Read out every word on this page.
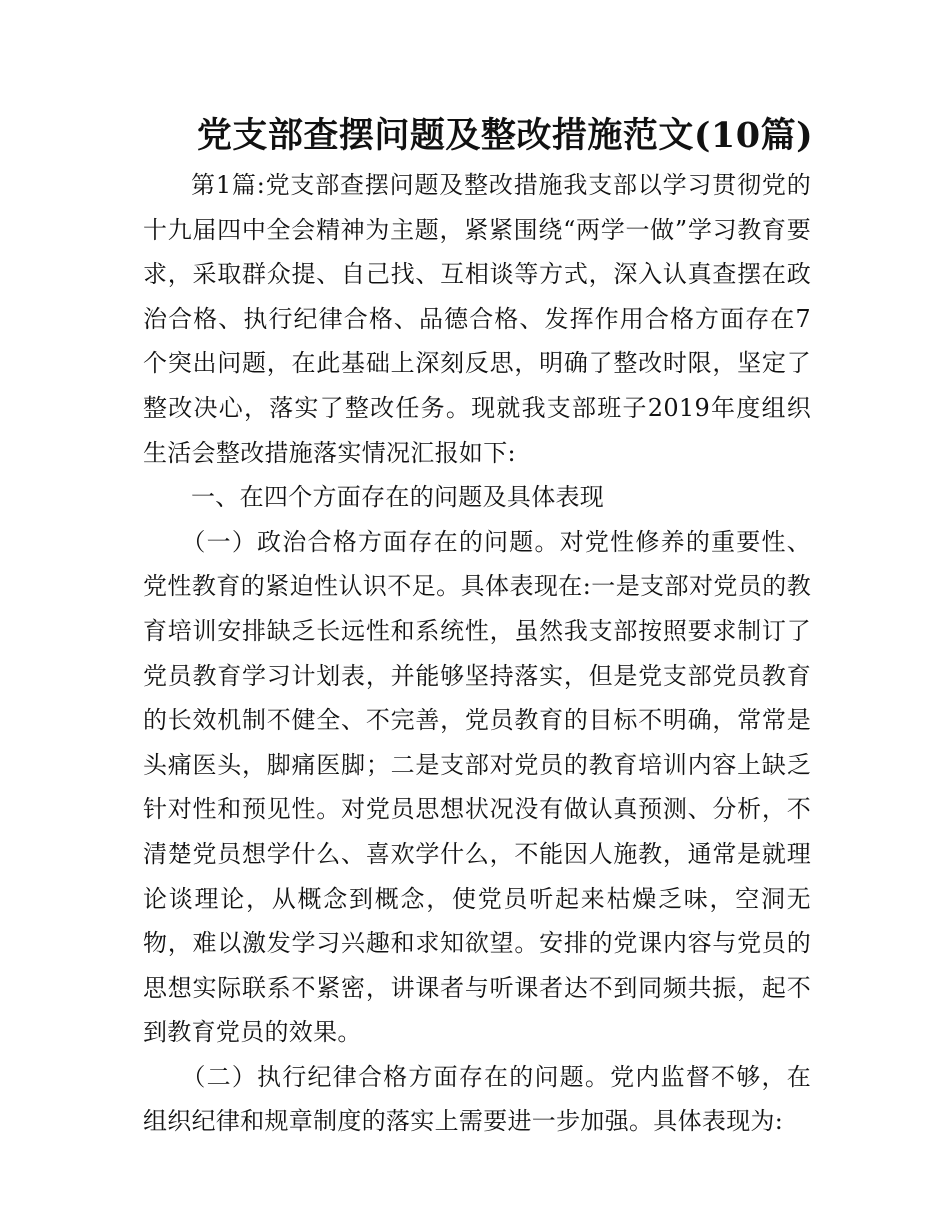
党支部查摆问题及整改措施范文(10篇)

第1篇:党支部查摆问题及整改措施我支部以学习贯彻党的十九届四中全会精神为主题，紧紧围绕“两学一做”学习教育要求，采取群众提、自己找、互相谈等方式，深入认真查摆在政治合格、执行纪律合格、品德合格、发挥作用合格方面存在7个突出问题，在此基础上深刻反思，明确了整改时限，坚定了整改决心，落实了整改任务。现就我支部班子2019年度组织生活会整改措施落实情况汇报如下:

一、在四个方面存在的问题及具体表现

（一）政治合格方面存在的问题。对党性修养的重要性、党性教育的紧迫性认识不足。具体表现在:一是支部对党员的教育培训安排缺乏长远性和系统性，虽然我支部按照要求制订了党员教育学习计划表，并能够坚持落实，但是党支部党员教育的长效机制不健全、不完善，党员教育的目标不明确，常常是头痛医头，脚痛医脚；二是支部对党员的教育培训内容上缺乏针对性和预见性。对党员思想状况没有做认真预测、分析，不清楚党员想学什么、喜欢学什么，不能因人施教，通常是就理论谈理论，从概念到概念，使党员听起来枯燥乏味，空洞无物，难以激发学习兴趣和求知欲望。安排的党课内容与党员的思想实际联系不紧密，讲课者与听课者达不到同频共振，起不到教育党员的效果。

（二）执行纪律合格方面存在的问题。党内监督不够，在组织纪律和规章制度的落实上需要进一步加强。具体表现为:
